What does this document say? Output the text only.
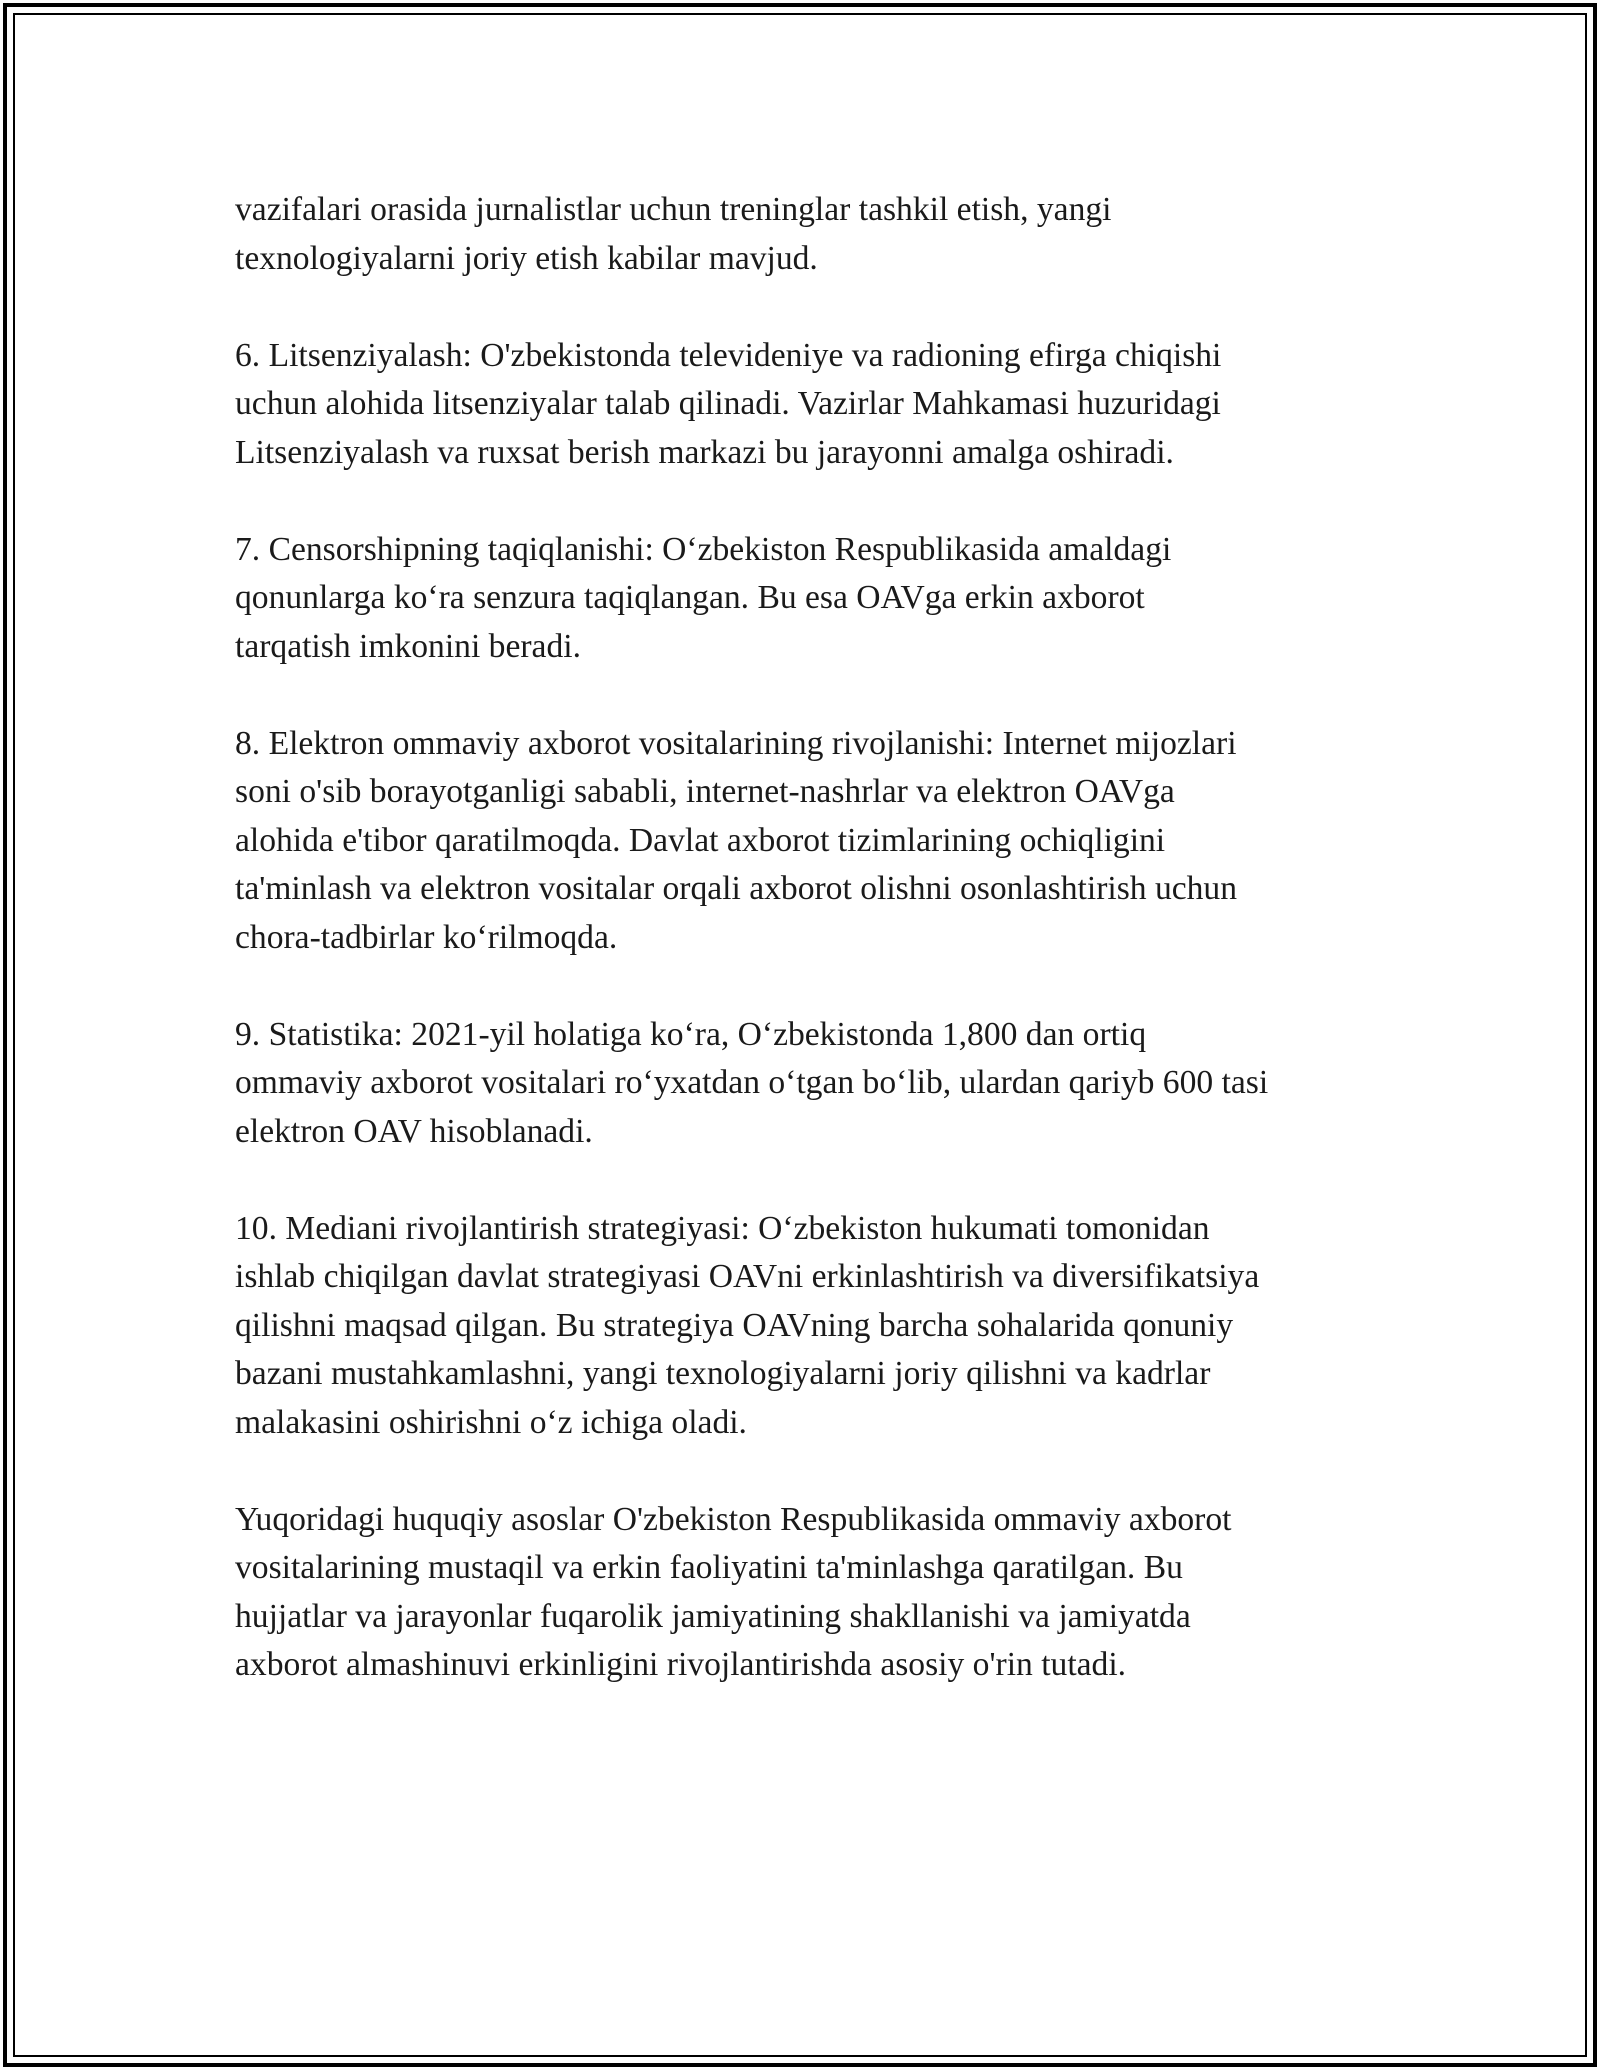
vazifalari orasida jurnalistlar uchun treninglar tashkil etish, yangi
texnologiyalarni joriy etish kabilar mavjud.

6. Litsenziyalash: O'zbekistonda televideniye va radioning efirga chiqishi
uchun alohida litsenziyalar talab qilinadi. Vazirlar Mahkamasi huzuridagi
Litsenziyalash va ruxsat berish markazi bu jarayonni amalga oshiradi.

7. Censorshipning taqiqlanishi: O‘zbekiston Respublikasida amaldagi
qonunlarga ko‘ra senzura taqiqlangan. Bu esa OAVga erkin axborot
tarqatish imkonini beradi.

8. Elektron ommaviy axborot vositalarining rivojlanishi: Internet mijozlari
soni o'sib borayotganligi sababli, internet-nashrlar va elektron OAVga
alohida e'tibor qaratilmoqda. Davlat axborot tizimlarining ochiqligini
ta'minlash va elektron vositalar orqali axborot olishni osonlashtirish uchun
chora-tadbirlar ko‘rilmoqda.

9. Statistika: 2021-yil holatiga ko‘ra, O‘zbekistonda 1,800 dan ortiq
ommaviy axborot vositalari ro‘yxatdan o‘tgan bo‘lib, ulardan qariyb 600 tasi
elektron OAV hisoblanadi.

10. Mediani rivojlantirish strategiyasi: O‘zbekiston hukumati tomonidan
ishlab chiqilgan davlat strategiyasi OAVni erkinlashtirish va diversifikatsiya
qilishni maqsad qilgan. Bu strategiya OAVning barcha sohalarida qonuniy
bazani mustahkamlashni, yangi texnologiyalarni joriy qilishni va kadrlar
malakasini oshirishni o‘z ichiga oladi.

Yuqoridagi huquqiy asoslar O'zbekiston Respublikasida ommaviy axborot
vositalarining mustaqil va erkin faoliyatini ta'minlashga qaratilgan. Bu
hujjatlar va jarayonlar fuqarolik jamiyatining shakllanishi va jamiyatda
axborot almashinuvi erkinligini rivojlantirishda asosiy o'rin tutadi.
